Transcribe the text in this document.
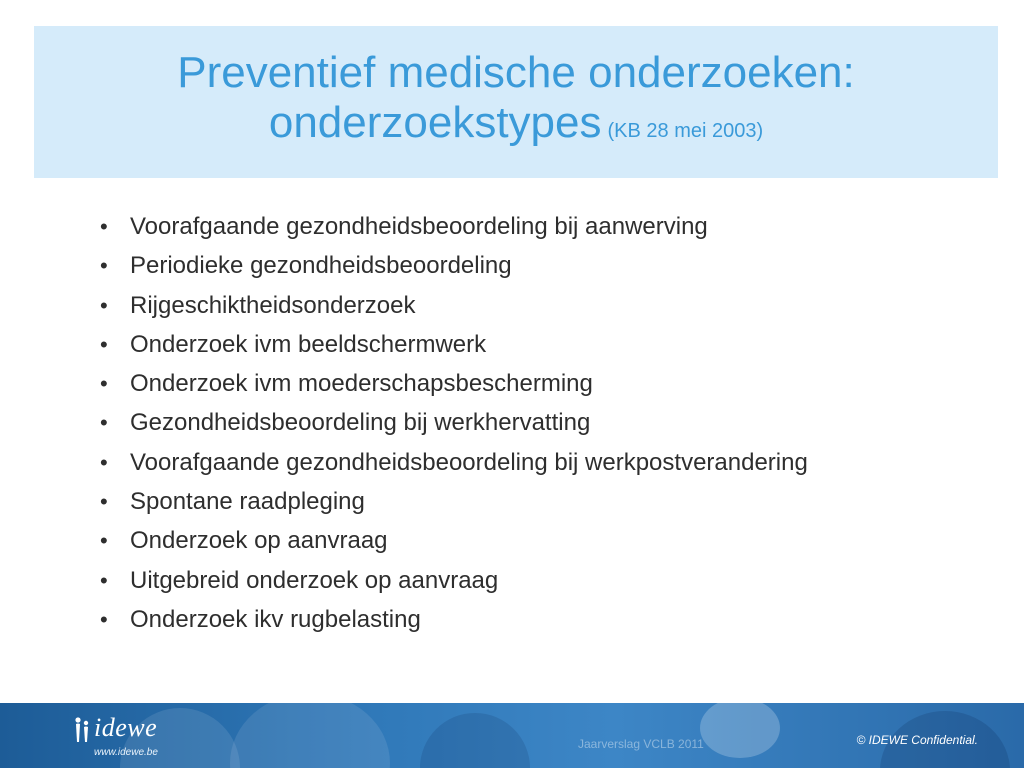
Preventief medische onderzoeken:
onderzoekstypes (KB 28 mei 2003)
• Voorafgaande gezondheidsbeoordeling bij aanwerving
• Periodieke gezondheidsbeoordeling
• Rijgeschiktheidsonderzoek
• Onderzoek ivm beeldschermwerk
• Onderzoek ivm moederschapsbescherming
• Gezondheidsbeoordeling bij werkhervatting
• Voorafgaande gezondheidsbeoordeling bij werkpostverandering
• Spontane raadpleging
• Onderzoek op aanvraag
• Uitgebreid onderzoek op aanvraag
• Onderzoek ikv rugbelasting
idewe
www.idewe.be
Jaarverslag VCLB 2011	© IDEWE Confidential.
